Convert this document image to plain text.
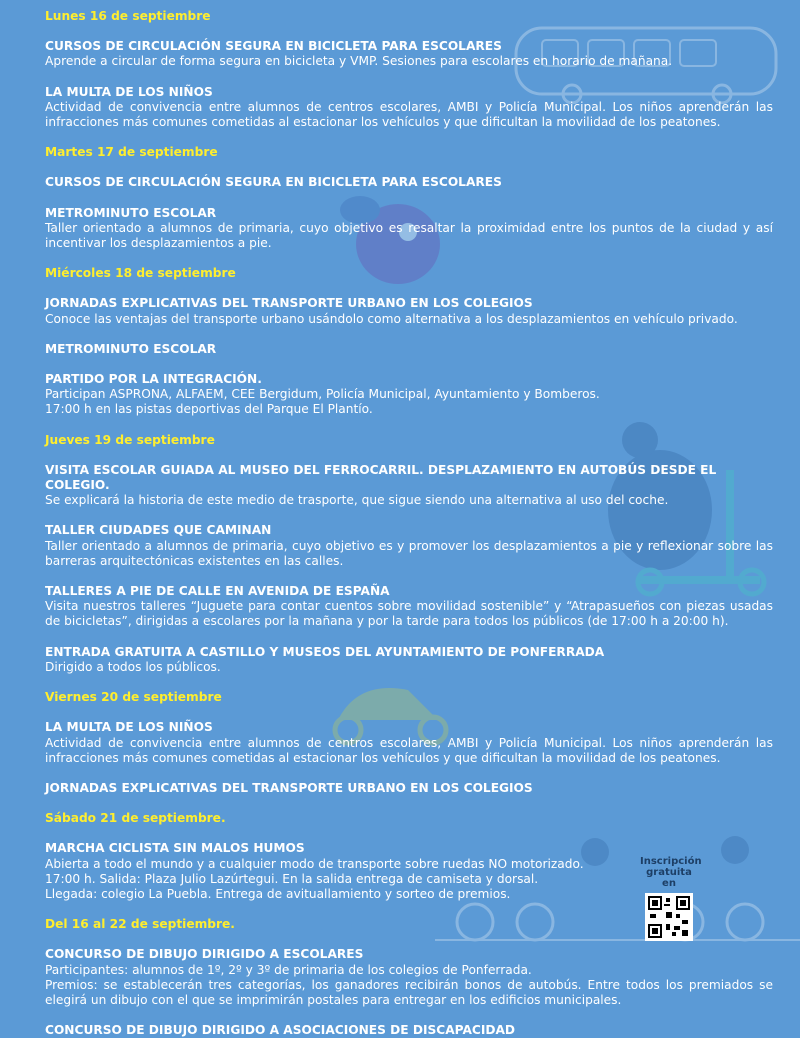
Lunes 16 de septiembre
CURSOS DE CIRCULACIÓN SEGURA EN BICICLETA PARA ESCOLARES
Aprende a circular de forma segura en bicicleta y VMP. Sesiones para escolares en horario de mañana.
LA MULTA DE LOS NIÑOS
Actividad de convivencia entre alumnos de centros escolares, AMBI y Policía Municipal. Los niños aprenderán las infracciones más comunes cometidas al estacionar los vehículos y que dificultan la movilidad de los peatones.
Martes 17 de septiembre
CURSOS DE CIRCULACIÓN SEGURA EN BICICLETA PARA ESCOLARES
METROMINUTO ESCOLAR
Taller orientado a alumnos de primaria, cuyo objetivo es resaltar la proximidad entre los puntos de la ciudad y así incentivar los desplazamientos a pie.
Miércoles 18 de septiembre
JORNADAS EXPLICATIVAS DEL TRANSPORTE URBANO EN LOS COLEGIOS
Conoce las ventajas del transporte urbano usándolo como alternativa a los desplazamientos en vehículo privado.
METROMINUTO ESCOLAR
PARTIDO POR LA INTEGRACIÓN.
Participan ASPRONA, ALFAEM, CEE Bergidum, Policía Municipal, Ayuntamiento y Bomberos.
17:00 h en las pistas deportivas del Parque El Plantío.
Jueves 19 de septiembre
VISITA ESCOLAR GUIADA AL MUSEO DEL FERROCARRIL. DESPLAZAMIENTO EN AUTOBÚS DESDE EL COLEGIO.
Se explicará la historia de este medio de trasporte, que sigue siendo una alternativa al uso del coche.
TALLER CIUDADES QUE CAMINAN
Taller orientado a alumnos de primaria, cuyo objetivo es y promover los desplazamientos a pie y reflexionar sobre las barreras arquitectónicas existentes en las calles.
TALLERES A PIE DE CALLE EN AVENIDA DE ESPAÑA
Visita nuestros talleres “Juguete para contar cuentos sobre movilidad sostenible” y “Atrapasueños con piezas usadas de bicicletas”, dirigidas a escolares por la mañana y por la tarde para todos los públicos (de 17:00 h a 20:00 h).
ENTRADA GRATUITA A CASTILLO Y MUSEOS DEL AYUNTAMIENTO DE PONFERRADA
Dirigido a todos los públicos.
Viernes 20 de septiembre
LA MULTA DE LOS NIÑOS
Actividad de convivencia entre alumnos de centros escolares, AMBI y Policía Municipal. Los niños aprenderán las infracciones más comunes cometidas al estacionar los vehículos y que dificultan la movilidad de los peatones.
JORNADAS EXPLICATIVAS DEL TRANSPORTE URBANO EN LOS COLEGIOS
Sábado 21 de septiembre.
MARCHA CICLISTA SIN MALOS HUMOS
Abierta a todo el mundo y a cualquier modo de transporte sobre ruedas NO motorizado.
17:00 h. Salida: Plaza Julio Lazúrtegui. En la salida entrega de camiseta y dorsal.
Llegada: colegio La Puebla. Entrega de avituallamiento y sorteo de premios.
Del 16 al 22 de septiembre.
CONCURSO DE DIBUJO DIRIGIDO A ESCOLARES
Participantes: alumnos de 1º, 2º y 3º de primaria de los colegios de Ponferrada.
Premios: se establecerán tres categorías, los ganadores recibirán bonos de autobús. Entre todos los premiados se elegirá un dibujo con el que se imprimirán postales para entregar en los edificios municipales.
CONCURSO DE DIBUJO DIRIGIDO A ASOCIACIONES DE DISCAPACIDAD
Inscripción gratuita en
